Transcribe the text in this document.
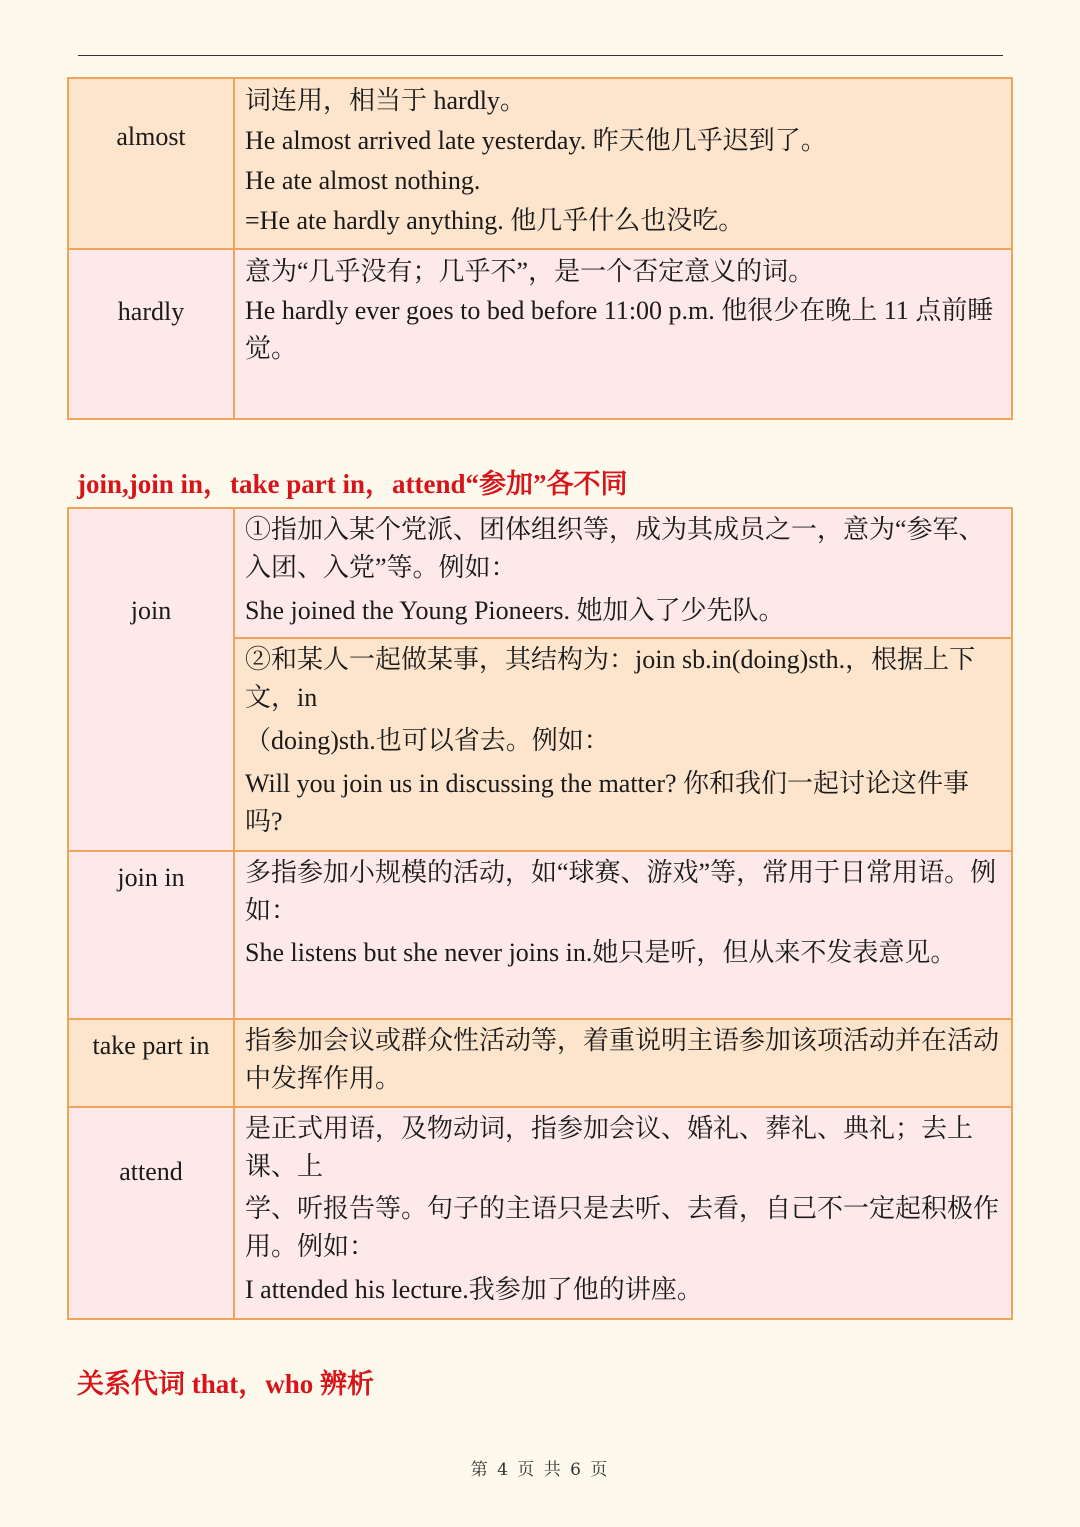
almost	词连用，相当于 hardly。
He almost arrived late yesterday. 昨天他几乎迟到了。
He ate almost nothing.
=He ate hardly anything. 他几乎什么也没吃。

hardly	意为“几乎没有；几乎不”，是一个否定意义的词。
He hardly ever goes to bed before 11:00 p.m. 他很少在晚上 11 点前睡觉。
join,join in，take part in，attend“参加”各不同
join	①指加入某个党派、团体组织等，成为其成员之一，意为“参军、入团、入党”等。例如：
She joined the Young Pioneers. 她加入了少先队。

	②和某人一起做某事，其结构为：join sb.in(doing)sth.，根据上下文，in
（doing)sth.也可以省去。例如：
Will you join us in discussing the matter? 你和我们一起讨论这件事吗?

join in	多指参加小规模的活动，如“球赛、游戏”等，常用于日常用语。例如：
She listens but she never joins in.她只是听，但从来不发表意见。

take part in	指参加会议或群众性活动等，着重说明主语参加该项活动并在活动中发挥作用。

attend	是正式用语，及物动词，指参加会议、婚礼、葬礼、典礼；去上课、上
学、听报告等。句子的主语只是去听、去看，自己不一定起积极作用。例如：
I attended his lecture.我参加了他的讲座。
关系代词 that，who 辨析
第 4 页 共 6 页
